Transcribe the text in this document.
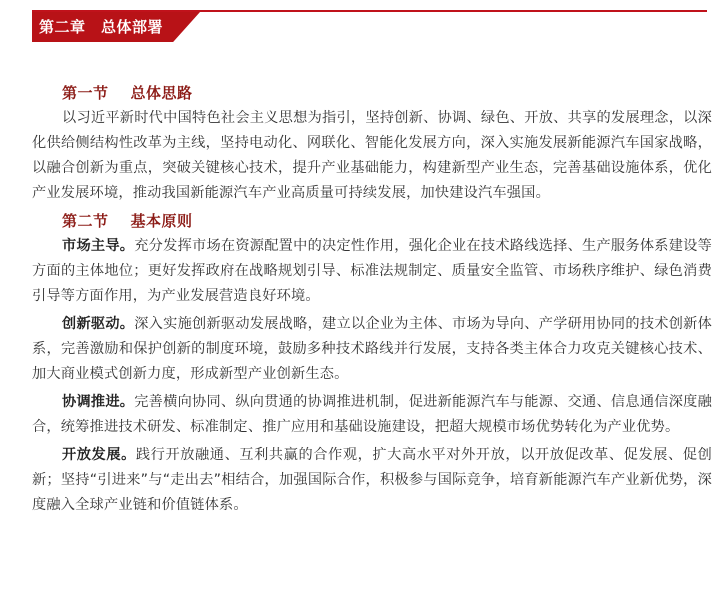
第二章　总体部署
第一节 总体思路

以习近平新时代中国特色社会主义思想为指引，坚持创新、协调、绿色、开放、共享的发展理念，以深化供给侧结构性改革为主线，坚持电动化、网联化、智能化发展方向，深入实施发展新能源汽车国家战略，以融合创新为重点，突破关键核心技术，提升产业基础能力，构建新型产业生态，完善基础设施体系，优化产业发展环境，推动我国新能源汽车产业高质量可持续发展，加快建设汽车强国。

第二节 基本原则

市场主导。充分发挥市场在资源配置中的决定性作用，强化企业在技术路线选择、生产服务体系建设等方面的主体地位；更好发挥政府在战略规划引导、标准法规制定、质量安全监管、市场秩序维护、绿色消费引导等方面作用，为产业发展营造良好环境。

创新驱动。深入实施创新驱动发展战略，建立以企业为主体、市场为导向、产学研用协同的技术创新体系，完善激励和保护创新的制度环境，鼓励多种技术路线并行发展，支持各类主体合力攻克关键核心技术、加大商业模式创新力度，形成新型产业创新生态。

协调推进。完善横向协同、纵向贯通的协调推进机制，促进新能源汽车与能源、交通、信息通信深度融合，统筹推进技术研发、标准制定、推广应用和基础设施建设，把超大规模市场优势转化为产业优势。

开放发展。践行开放融通、互利共赢的合作观，扩大高水平对外开放，以开放促改革、促发展、促创新；坚持“引进来”与“走出去”相结合，加强国际合作，积极参与国际竞争，培育新能源汽车产业新优势，深度融入全球产业链和价值链体系。
